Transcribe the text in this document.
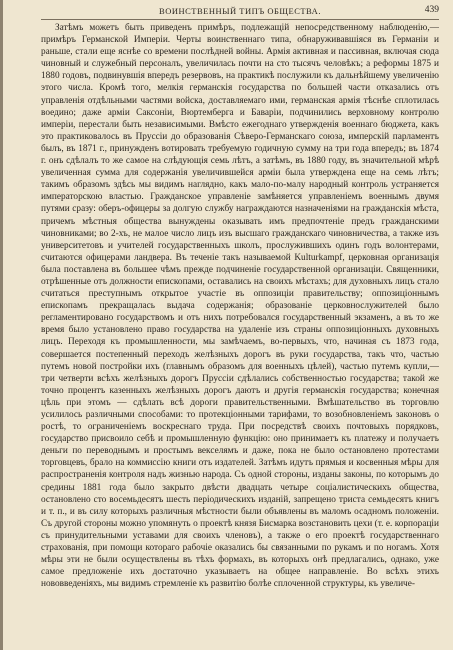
ВОИНСТВЕННЫЙ ТИПЪ ОБЩЕСТВА.	439

Затѣмъ можетъ быть приведенъ примѣръ, подлежащій непосредственному наблюденію,—примѣръ Германской Имперіи. Черты воинственнаго типа, обнаруживавшіяся въ Германіи и раньше, стали еще яснѣе со времени послѣдней войны. Армія активная и пассивная, включая сюда чиновный и служебный персоналъ, увеличилась почти на сто тысячъ человѣкъ; а реформы 1875 и 1880 годовъ, подвинувшія впередъ резервовъ, на практикѣ послужили къ дальнѣйшему увеличенію этого числа. Кромѣ того, мелкія германскія государства по большей части отказались отъ управленія отдѣльными частями войска, доставляемаго ими, германская армія тѣснѣе сплотилась воедино; даже арміи Саксоніи, Вюртемберга и Баваріи, подчинились верховному контролю имперіи, перестали быть независимыми. Вмѣсто ежегоднаго утвержденія военнаго бюджета, какъ это практиковалось въ Пруссіи до образованія Сѣверо-Германскаго союза, имперскій парламентъ былъ, въ 1871 г., принужденъ вотировать требуемую годичную сумму на три года впередъ; въ 1874 г. онъ сдѣлалъ то же самое на слѣдующія семь лѣтъ, а затѣмъ, въ 1880 году, въ значительной мѣрѣ увеличенная сумма для содержанія увеличившейся арміи была утверждена еще на семь лѣтъ; такимъ образомъ здѣсь мы видимъ наглядно, какъ мало-по-малу народный контроль устраняется императорскою властью. Гражданское управленіе замѣняется управленіемъ военнымъ двумя путями сразу: оберъ-офицеры за долгую службу награждаются назначеніями на гражданскія мѣста, причемъ мѣстныя общества вынуждены оказывать имъ предпочтеніе предъ гражданскими чиновниками; во 2-хъ, не малое число лицъ изъ высшаго гражданскаго чиновничества, а также изъ университетовъ и учителей государственныхъ школъ, прослужившихъ одинъ годъ волонтерами, считаются офицерами ландвера. Въ теченіе такъ называемой Kulturkampf, церковная организація была поставлена въ большее чѣмъ прежде подчиненіе государственной организаціи. Священники, отрѣшенные отъ должности епископами, оставались на своихъ мѣстахъ; для духовныхъ лицъ стало считаться преступнымъ открытое участіе въ оппозиціи правительству; оппозиціоннымъ епископамъ прекращалась выдача содержанія; образованіе церковнослужителей было регламентировано государствомъ и отъ нихъ потребовался государственный экзаменъ, а въ то же время было установлено право государства на удаленіе изъ страны оппозиціонныхъ духовныхъ лицъ. Переходя къ промышленности, мы замѣчаемъ, во-первыхъ, что, начиная съ 1873 года, совершается постепенный переходъ желѣзныхъ дорогъ въ руки государства, такъ что, частью путемъ новой постройки ихъ (главнымъ образомъ для военныхъ цѣлей), частью путемъ купли,—три четверти всѣхъ желѣзныхъ дорогъ Пруссіи сдѣлались собственностью государства; такой же точно процентъ казенныхъ желѣзныхъ дорогъ даютъ и другія германскія государства; конечная цѣль при этомъ — сдѣлать всѣ дороги правительственными. Вмѣшательство въ торговлю усилилось различными способами: то протекціонными тарифами, то возобновленіемъ законовъ о ростѣ, то ограниченіемъ воскреснаго труда. При посредствѣ своихъ почтовыхъ порядковъ, государство присвоило себѣ и промышленную функцію: оно принимаетъ къ платежу и получаетъ деньги по переводнымъ и простымъ векселямъ и даже, пока не было остановлено протестами торговцевъ, брало на коммиссію книги отъ издателей. Затѣмъ идутъ прямыя и косвенныя мѣры для распространенія контроля надъ жизнью народа. Съ одной стороны, изданы законы, по которымъ до средины 1881 года было закрыто двѣсти двадцать четыре соціалистическихъ общества, остановлено сто восемьдесятъ шесть періодическихъ изданій, запрещено триста семьдесятъ книгъ и т. п., и въ силу которыхъ различныя мѣстности были объявлены въ маломъ осадномъ положеніи. Съ другой стороны можно упомянуть о проектѣ князя Бисмарка возстановить цехи (т. е. корпораціи съ принудительными уставами для своихъ членовъ), а также о его проектѣ государственнаго страхованія, при помощи котораго рабочіе оказались бы связанными по рукамъ и по ногамъ. Хотя мѣры эти не были осуществлены въ тѣхъ формахъ, въ которыхъ онѣ предлагались, однако, уже самое предложеніе ихъ достаточно указываетъ на общее направленіе. Во всѣхъ этихъ нововведеніяхъ, мы видимъ стремленіе къ развитію болѣе сплоченной структуры, къ увеличе-
